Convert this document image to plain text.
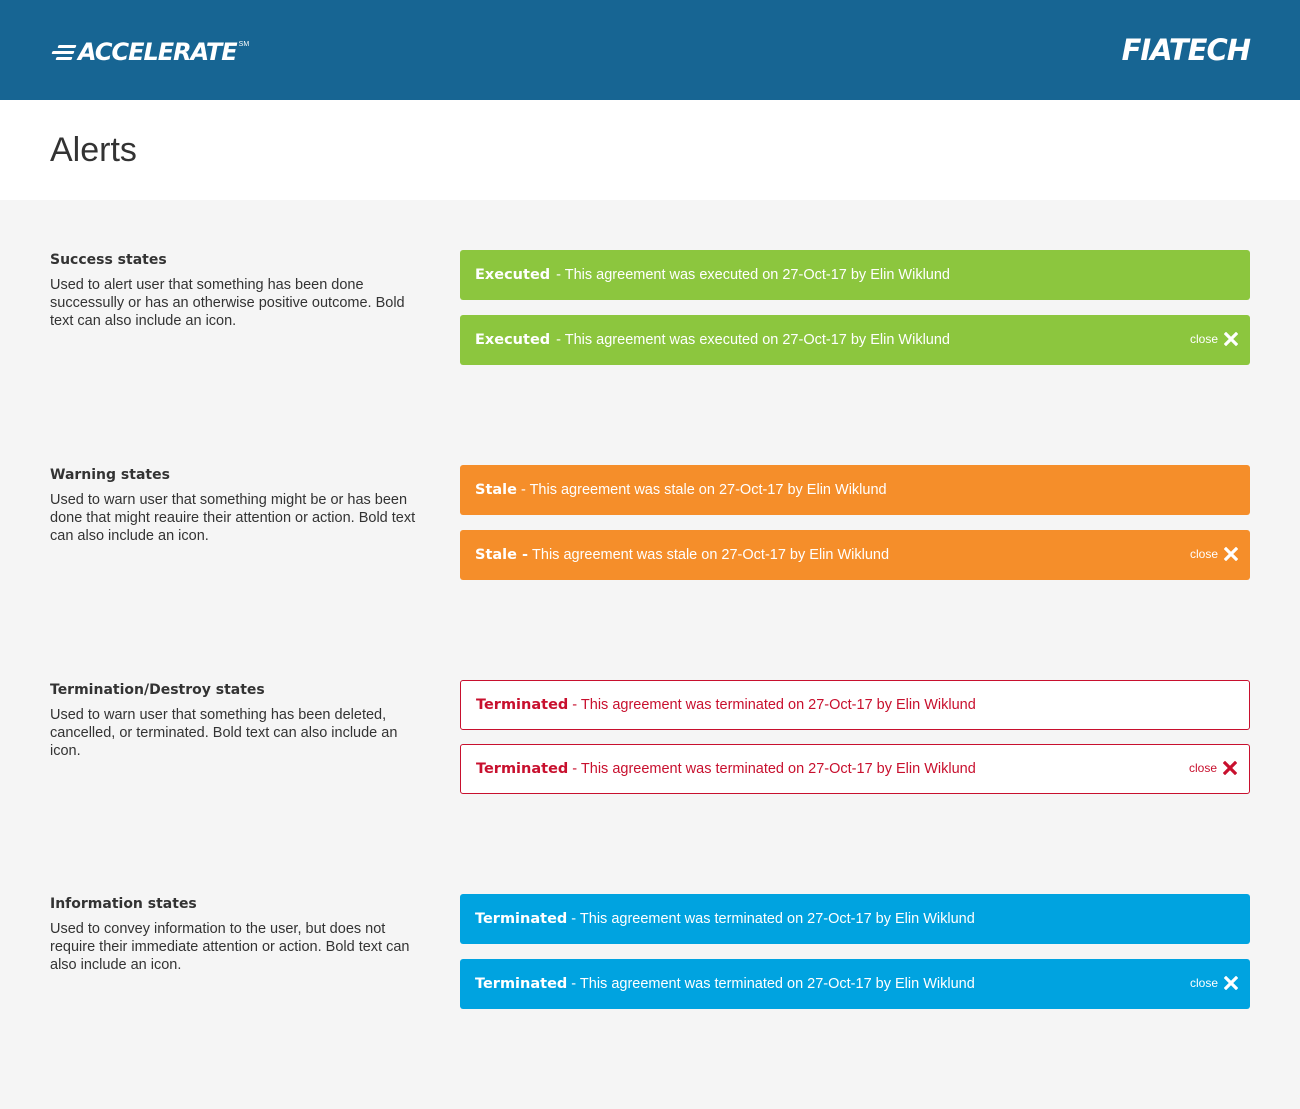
ACCELERATE SM	FIATECH
Alerts
Success states

Used to alert user that something has been done successully or has an otherwise positive outcome. Bold text can also include an icon.

Executed - This agreement was executed on 27-Oct-17 by Elin Wiklund
Executed - This agreement was executed on 27-Oct-17 by Elin Wiklund	close
Warning states

Used to warn user that something might be or has been done that might reauire their attention or action. Bold text can also include an icon.

Stale - This agreement was stale on 27-Oct-17 by Elin Wiklund
Stale - This agreement was stale on 27-Oct-17 by Elin Wiklund	close
Termination/Destroy states

Used to warn user that something has been deleted, cancelled, or terminated. Bold text can also include an icon.

Terminated - This agreement was terminated on 27-Oct-17 by Elin Wiklund
Terminated - This agreement was terminated on 27-Oct-17 by Elin Wiklund	close
Information states

Used to convey information to the user, but does not require their immediate attention or action. Bold text can also include an icon.

Terminated - This agreement was terminated on 27-Oct-17 by Elin Wiklund
Terminated - This agreement was terminated on 27-Oct-17 by Elin Wiklund	close
